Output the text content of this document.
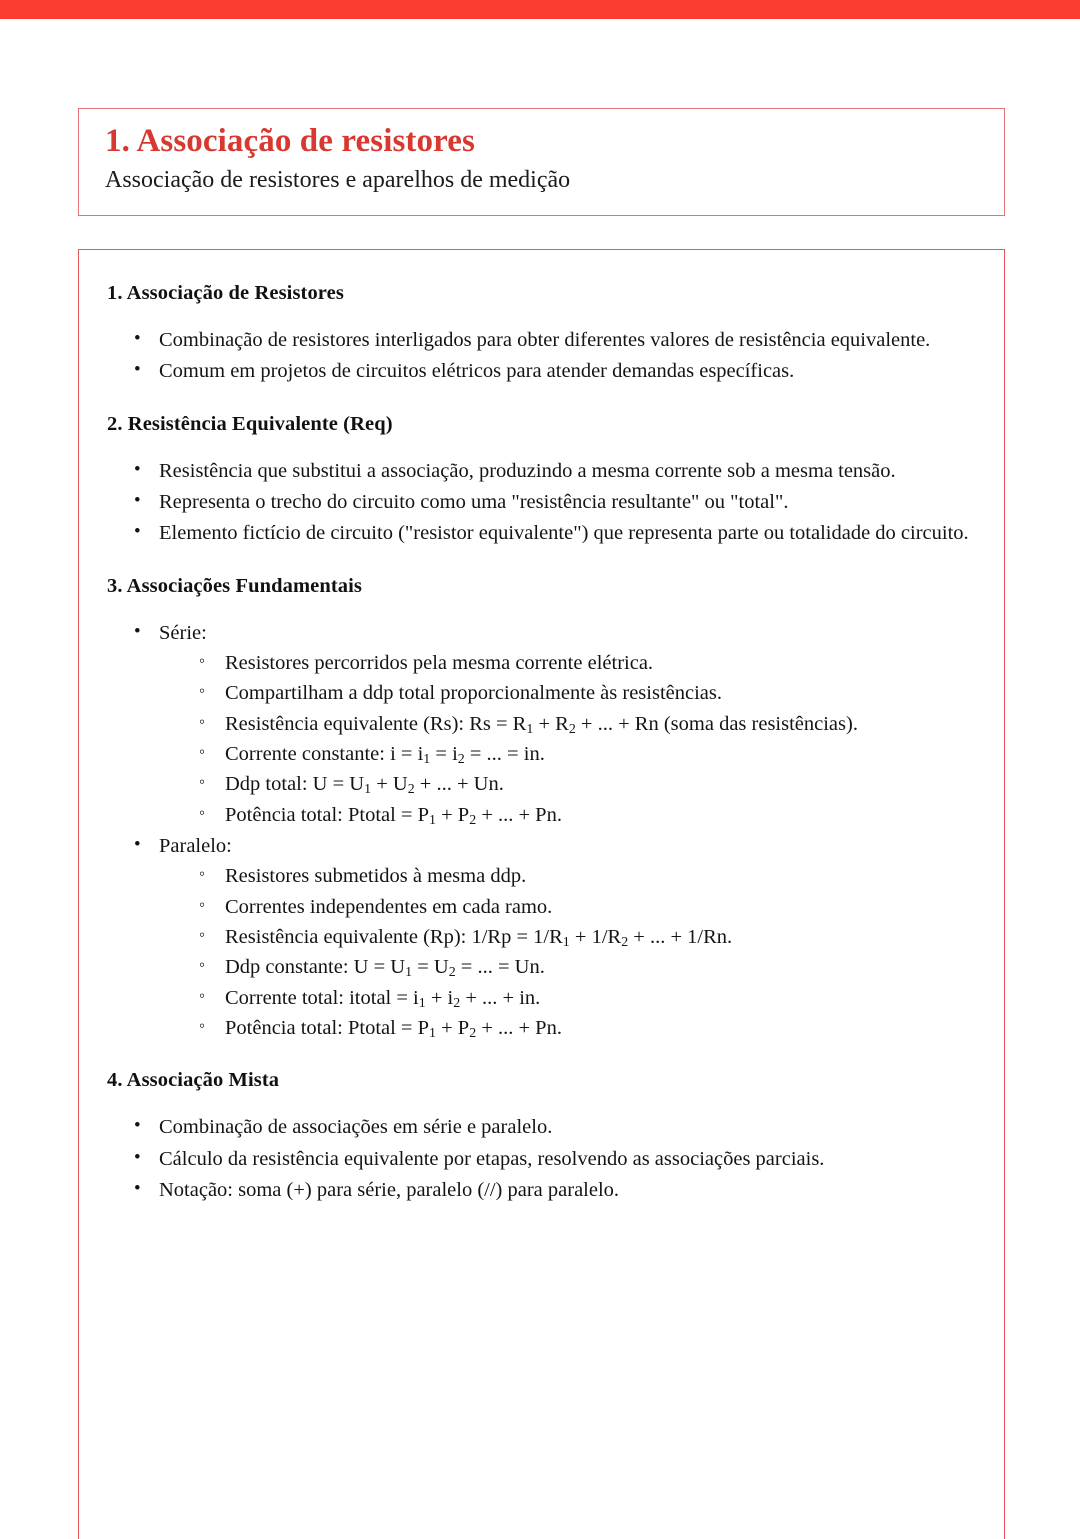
1. Associação de resistores
Associação de resistores e aparelhos de medição
1. Associação de Resistores
• Combinação de resistores interligados para obter diferentes valores de resistência equivalente.
• Comum em projetos de circuitos elétricos para atender demandas específicas.
2. Resistência Equivalente (Req)
• Resistência que substitui a associação, produzindo a mesma corrente sob a mesma tensão.
• Representa o trecho do circuito como uma "resistência resultante" ou "total".
• Elemento fictício de circuito ("resistor equivalente") que representa parte ou totalidade do circuito.
3. Associações Fundamentais
• Série:
◦ Resistores percorridos pela mesma corrente elétrica.
◦ Compartilham a ddp total proporcionalmente às resistências.
◦ Resistência equivalente (Rs): $Rs = R_1 + R_2$ + ... + Rn (soma das resistências).
◦ Corrente constante: $i = i_1 = i_2$ = ... = in.
◦ Ddp total: $U = U_1 + U_2$ + ... + Un.
◦ Potência total: Ptotal = $P_1 + P_2$ + ... + Pn.
• Paralelo:
◦ Resistores submetidos à mesma ddp.
◦ Correntes independentes em cada ramo.
◦ Resistência equivalente (Rp): $1/Rp = 1/R_1 + 1/R_2$ + ... + 1/Rn.
◦ Ddp constante: $U = U_1 = U_2$ = ... = Un.
◦ Corrente total: itotal = $i_1 + i_2$ + ... + in.
◦ Potência total: Ptotal = $P_1 + P_2$ + ... + Pn.
4. Associação Mista
• Combinação de associações em série e paralelo.
• Cálculo da resistência equivalente por etapas, resolvendo as associações parciais.
• Notação: soma (+) para série, paralelo (//) para paralelo.
